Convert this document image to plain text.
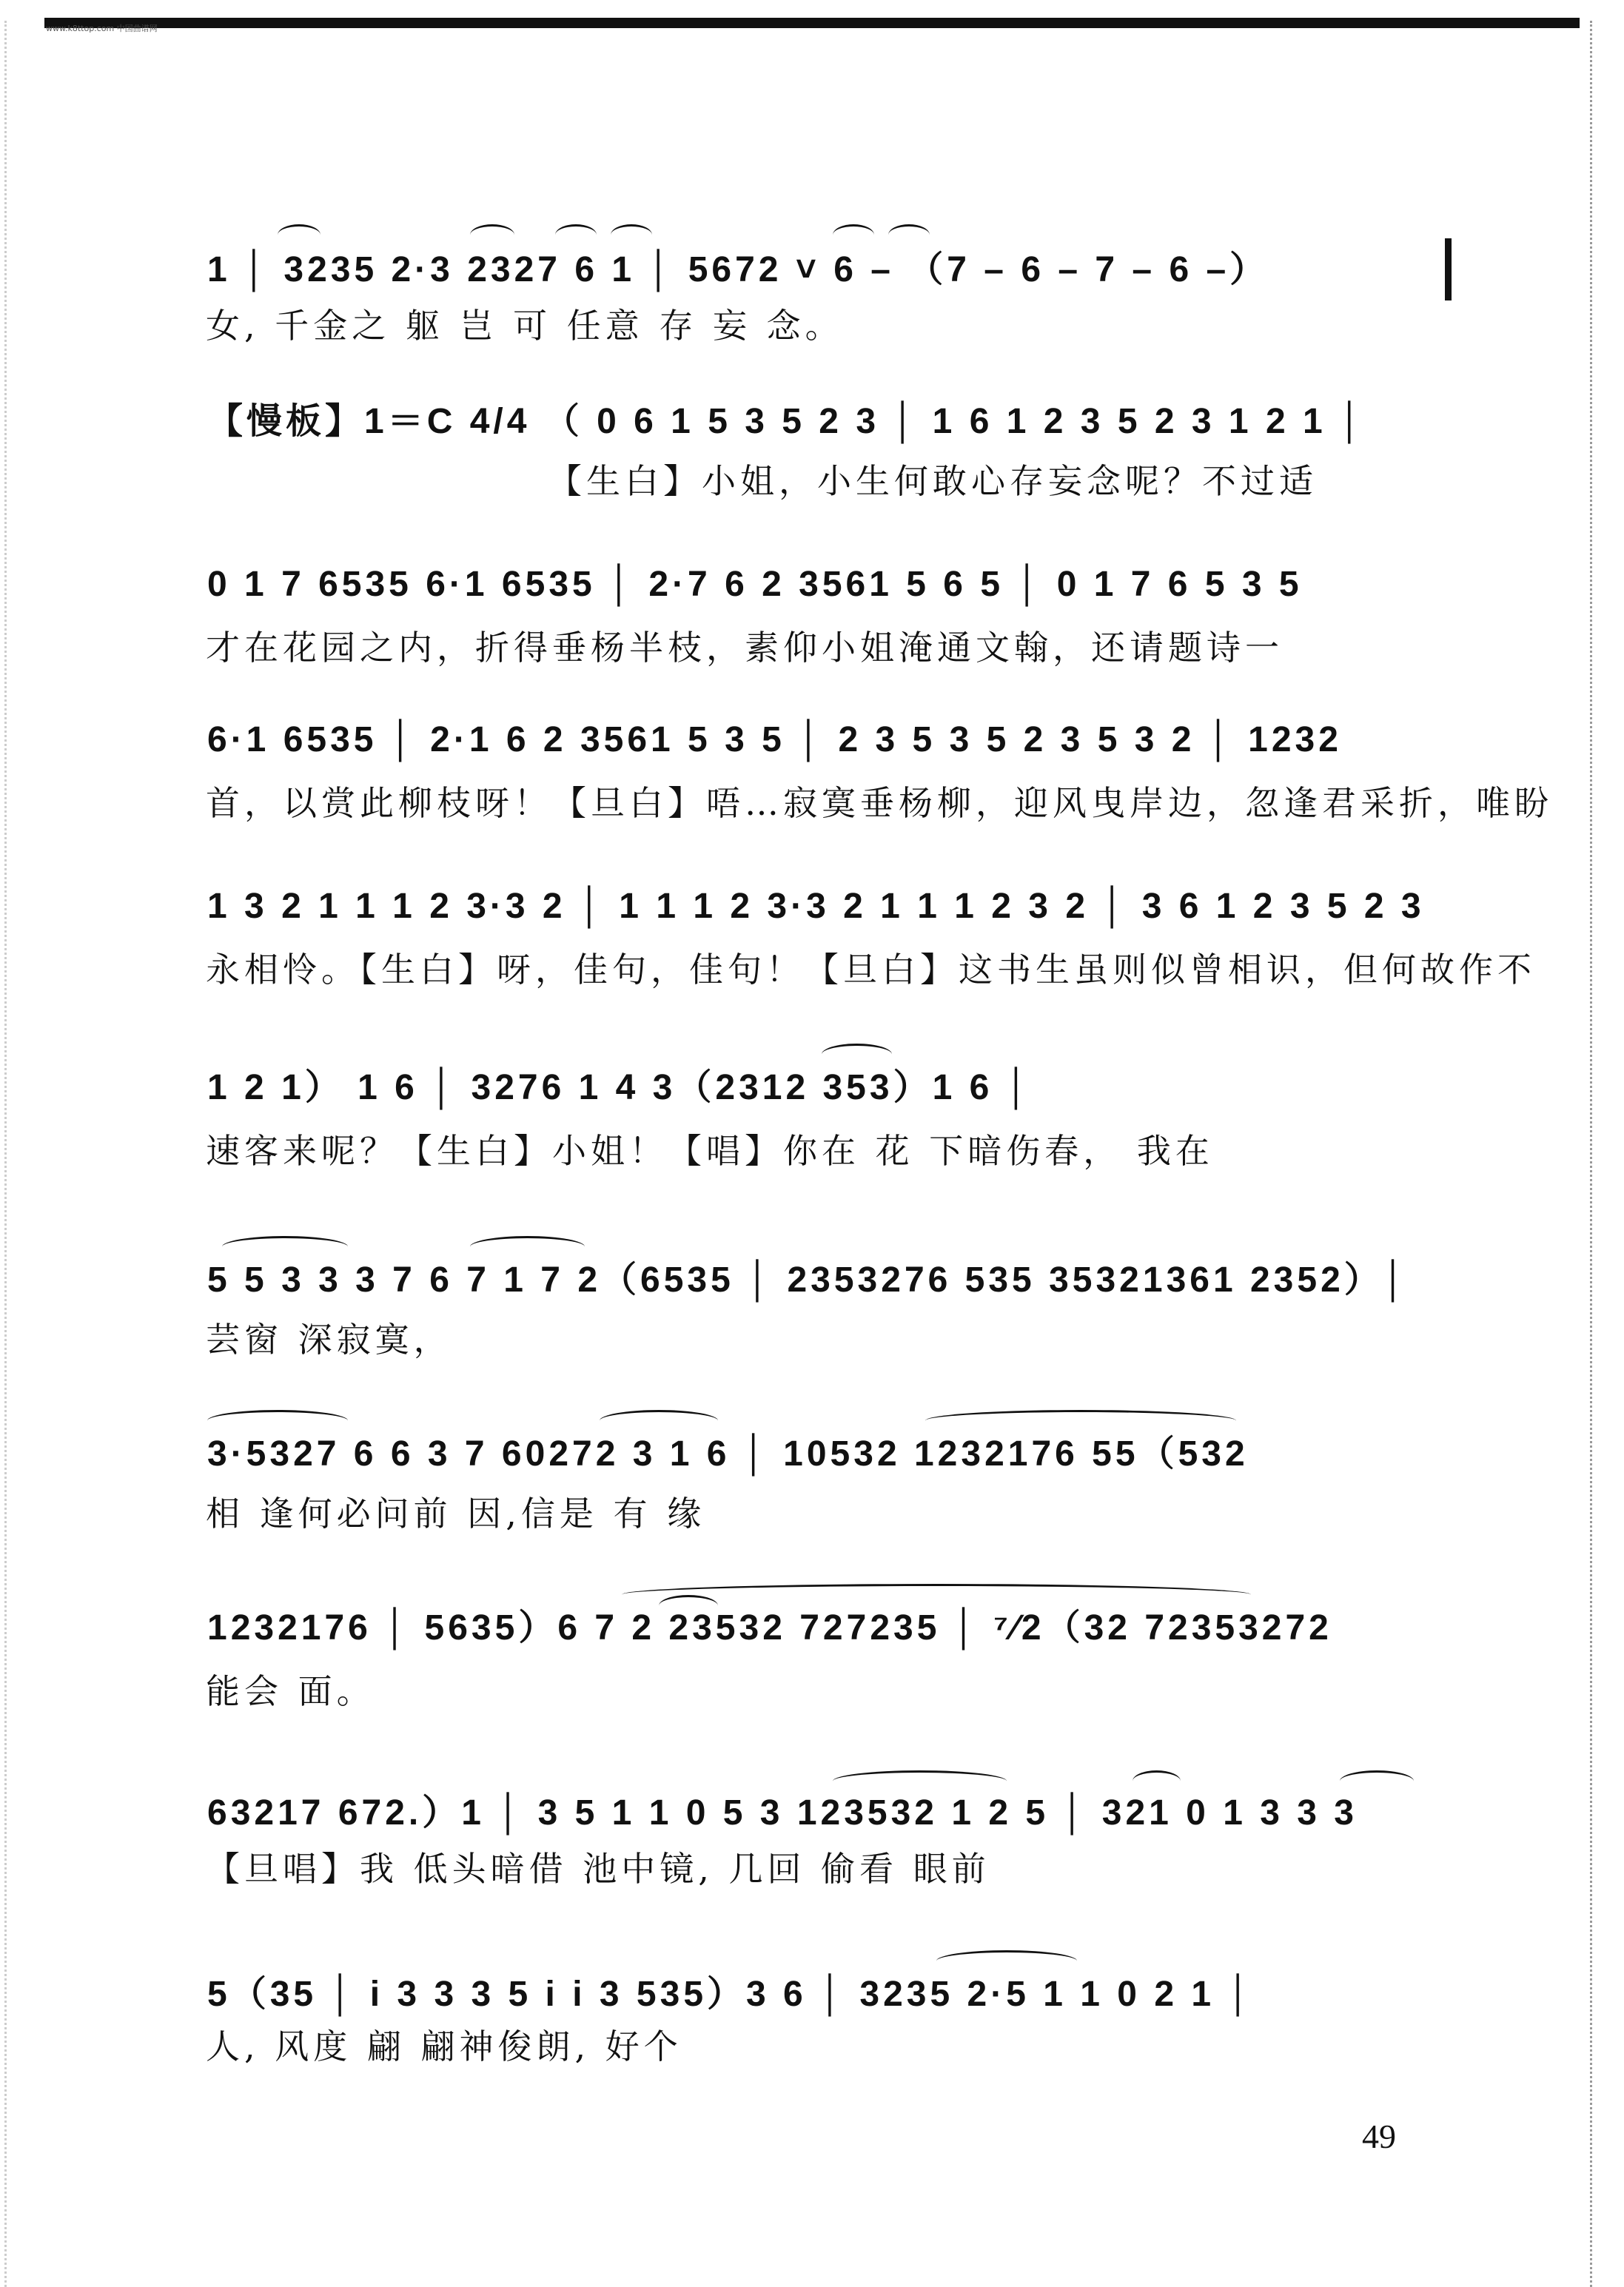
www.k8ttop.com 中国曲谱网
1 │ 3235 2·3 2327 6 1 │ 5672 ˅ 6 – （7 – 6 – 7 – 6 –）
女, 千金之 躯 岂 可 任意 存 妄 念。
【慢板】1＝C 4/4 （ 0 6 1 5 3 5 2 3 │ 1 6 1 2 3 5 2 3 1 2 1 │
【生白】小姐，小生何敢心存妄念呢？不过适
0 1 7 6535 6·1 6535 │ 2·7 6 2 3561 5 6 5 │ 0 1 7 6 5 3 5
才在花园之内，折得垂杨半枝，素仰小姐淹通文翰，还请题诗一
6·1 6535 │ 2·1 6 2 3561 5 3 5 │ 2 3 5 3 5 2 3 5 3 2 │ 1232
首，以赏此柳枝呀！【旦白】唔…寂寞垂杨柳，迎风曳岸边，忽逢君采折，唯盼
1 3 2 1 1 1 2 3·3 2 │ 1 1 1 2 3·3 2 1 1 1 2 3 2 │ 3 6 1 2 3 5 2 3
永相怜。【生白】呀，佳句，佳句！【旦白】这书生虽则似曾相识，但何故作不
1 2 1） 1 6 │ 3276 1 4 3（2312 353）1 6 │
速客来呢？【生白】小姐！【唱】你在 花 下暗伤春， 我在
5 5 3 3 3 7 6 7 1 7 2（6535 │ 2353276 535 35321361 2352）│
芸窗 深寂寞，
3·5327 6 6 3 7 60272 3 1 6 │ 10532 1232176 55（532
相 逢何必问前 因,信是 有 缘
1232176 │ 5635）6 7 2 23532 727235 │ ⁷⁄2（32 72353272
能会 面。
63217 672.）1 │ 3 5 1 1 0 5 3 123532 1 2 5 │ 321 0 1 3 3 3
【旦唱】我 低头暗借 池中镜, 几回 偷看 眼前
5（35 │ i 3 3 3 5 i i 3 535）3 6 │ 3235 2·5 1 1 0 2 1 │
人, 风度 翩 翩神俊朗, 好个
49
